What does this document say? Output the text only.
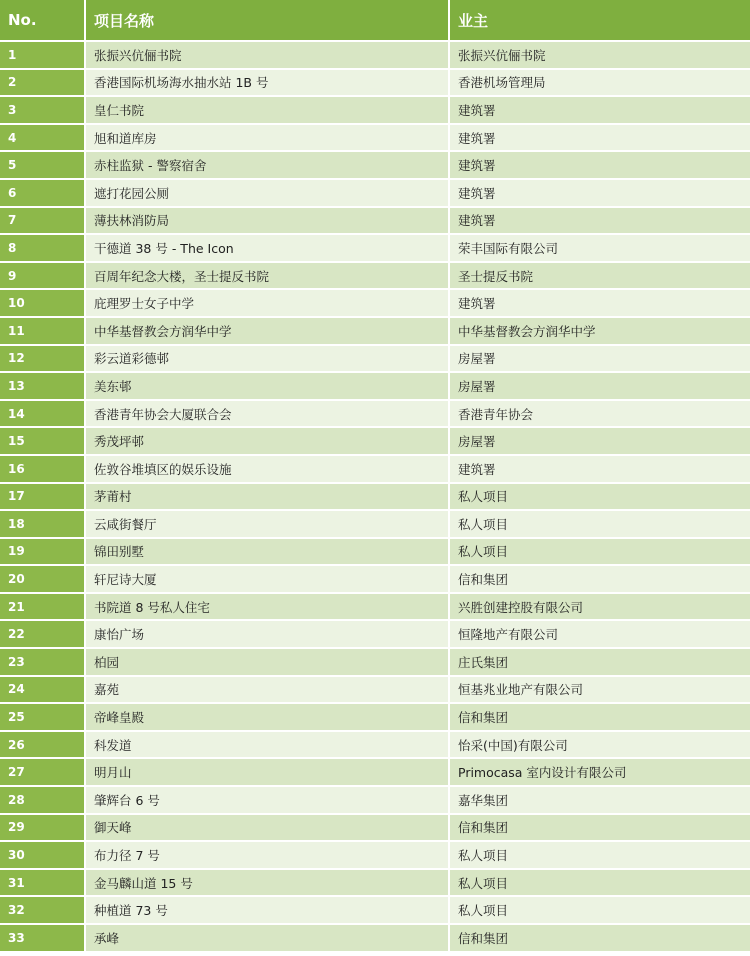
No.	项目名称	业主
1	张振兴伉俪书院	张振兴伉俪书院
2	香港国际机场海水抽水站 1B 号	香港机场管理局
3	皇仁书院	建筑署
4	旭和道库房	建筑署
5	赤柱监狱 - 警察宿舍	建筑署
6	遮打花园公厕	建筑署
7	薄扶林消防局	建筑署
8	干德道 38 号 - The Icon	荣丰国际有限公司
9	百周年纪念大楼，圣士提反书院	圣士提反书院
10	庇理罗士女子中学	建筑署
11	中华基督教会方润华中学	中华基督教会方润华中学
12	彩云道彩德邨	房屋署
13	美东邨	房屋署
14	香港青年协会大厦联合会	香港青年协会
15	秀茂坪邨	房屋署
16	佐敦谷堆填区的娱乐设施	建筑署
17	茅莆村	私人项目
18	云咸街餐厅	私人项目
19	锦田别墅	私人项目
20	轩尼诗大厦	信和集团
21	书院道 8 号私人住宅	兴胜创建控股有限公司
22	康怡广场	恒隆地产有限公司
23	柏园	庄氏集团
24	嘉苑	恒基兆业地产有限公司
25	帝峰皇殿	信和集团
26	科发道	怡采(中国)有限公司
27	明月山	Primocasa 室内设计有限公司
28	肇辉台 6 号	嘉华集团
29	御天峰	信和集团
30	布力径 7 号	私人项目
31	金马麟山道 15 号	私人项目
32	种植道 73 号	私人项目
33	承峰	信和集团
